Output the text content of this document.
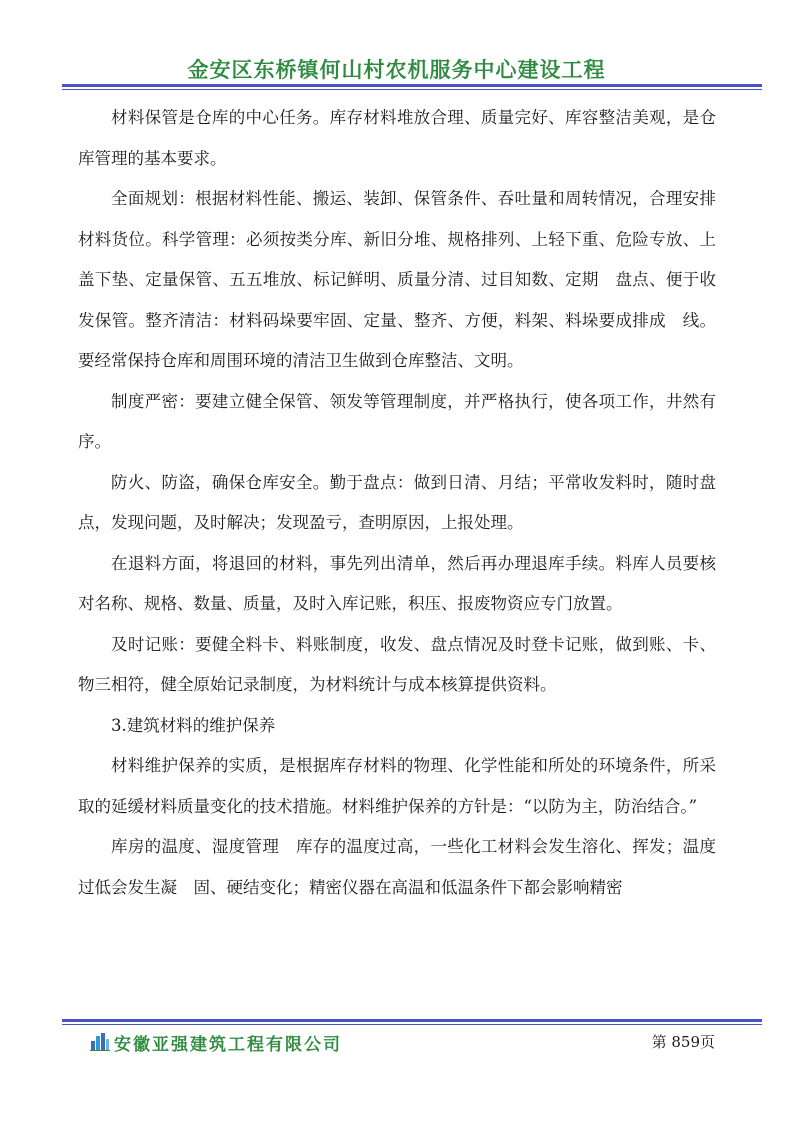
金安区东桥镇何山村农机服务中心建设工程

材料保管是仓库的中心任务。库存材料堆放合理、质量完好、库容整洁美观，是仓库管理的基本要求。

全面规划：根据材料性能、搬运、装卸、保管条件、吞吐量和周转情况，合理安排材料货位。科学管理：必须按类分库、新旧分堆、规格排列、上轻下重、危险专放、上盖下垫、定量保管、五五堆放、标记鲜明、质量分清、过目知数、定期　盘点、便于收发保管。整齐清洁：材料码垛要牢固、定量、整齐、方便，料架、料垛要成排成　线。要经常保持仓库和周围环境的清洁卫生做到仓库整洁、文明。

制度严密：要建立健全保管、领发等管理制度，并严格执行，使各项工作，井然有序。

防火、防盗，确保仓库安全。勤于盘点：做到日清、月结；平常收发料时，随时盘点，发现问题，及时解决；发现盈亏，查明原因，上报处理。

在退料方面，将退回的材料，事先列出清单，然后再办理退库手续。料库人员要核对名称、规格、数量、质量，及时入库记账，积压、报废物资应专门放置。

及时记账：要健全料卡、料账制度，收发、盘点情况及时登卡记账，做到账、卡、物三相符，健全原始记录制度，为材料统计与成本核算提供资料。

3.建筑材料的维护保养

材料维护保养的实质，是根据库存材料的物理、化学性能和所处的环境条件，所采取的延缓材料质量变化的技术措施。材料维护保养的方针是：“以防为主，防治结合。”

库房的温度、湿度管理　库存的温度过高，一些化工材料会发生溶化、挥发；温度过低会发生凝　固、硬结变化；精密仪器在高温和低温条件下都会影响精密

安徽亚强建筑工程有限公司	第 859页
